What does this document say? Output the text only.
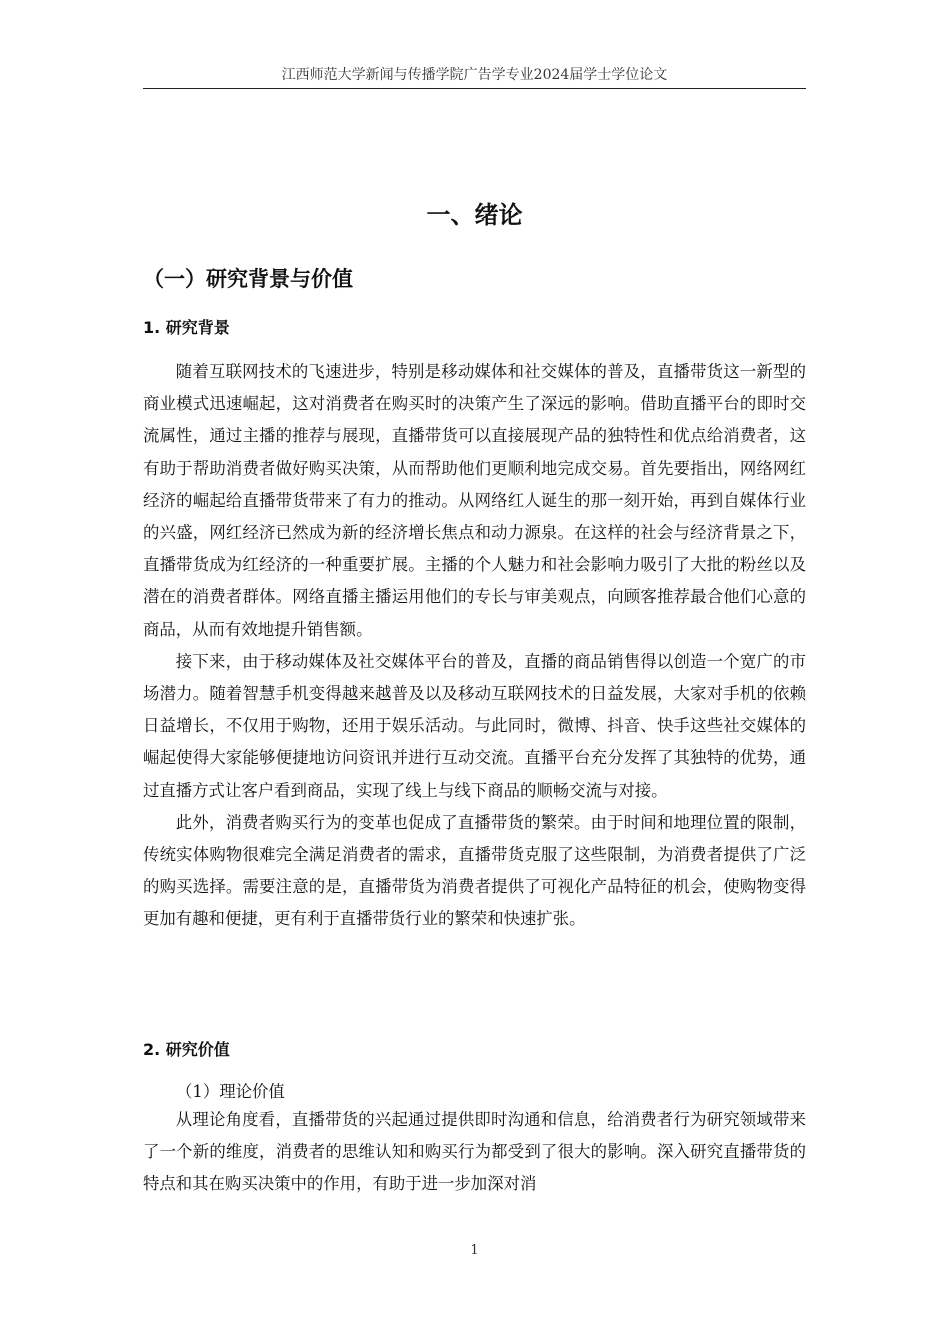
江西师范大学新闻与传播学院广告学专业2024届学士学位论文
一、绪论
（一）研究背景与价值
1. 研究背景

随着互联网技术的飞速进步，特别是移动媒体和社交媒体的普及，直播带货这一新型的商业模式迅速崛起，这对消费者在购买时的决策产生了深远的影响。借助直播平台的即时交流属性，通过主播的推荐与展现，直播带货可以直接展现产品的独特性和优点给消费者，这有助于帮助消费者做好购买决策，从而帮助他们更顺利地完成交易。首先要指出，网络网红经济的崛起给直播带货带来了有力的推动。从网络红人诞生的那一刻开始，再到自媒体行业的兴盛，网红经济已然成为新的经济增长焦点和动力源泉。在这样的社会与经济背景之下，直播带货成为红经济的一种重要扩展。主播的个人魅力和社会影响力吸引了大批的粉丝以及潜在的消费者群体。网络直播主播运用他们的专长与审美观点，向顾客推荐最合他们心意的商品，从而有效地提升销售额。

接下来，由于移动媒体及社交媒体平台的普及，直播的商品销售得以创造一个宽广的市场潜力。随着智慧手机变得越来越普及以及移动互联网技术的日益发展，大家对手机的依赖日益增长，不仅用于购物，还用于娱乐活动。与此同时，微博、抖音、快手这些社交媒体的崛起使得大家能够便捷地访问资讯并进行互动交流。直播平台充分发挥了其独特的优势，通过直播方式让客户看到商品，实现了线上与线下商品的顺畅交流与对接。

此外，消费者购买行为的变革也促成了直播带货的繁荣。由于时间和地理位置的限制，传统实体购物很难完全满足消费者的需求，直播带货克服了这些限制，为消费者提供了广泛的购买选择。需要注意的是，直播带货为消费者提供了可视化产品特征的机会，使购物变得更加有趣和便捷，更有利于直播带货行业的繁荣和快速扩张。

2. 研究价值
（1）理论价值

从理论角度看，直播带货的兴起通过提供即时沟通和信息，给消费者行为研究领域带来了一个新的维度，消费者的思维认知和购买行为都受到了很大的影响。深入研究直播带货的特点和其在购买决策中的作用，有助于进一步加深对消

1
